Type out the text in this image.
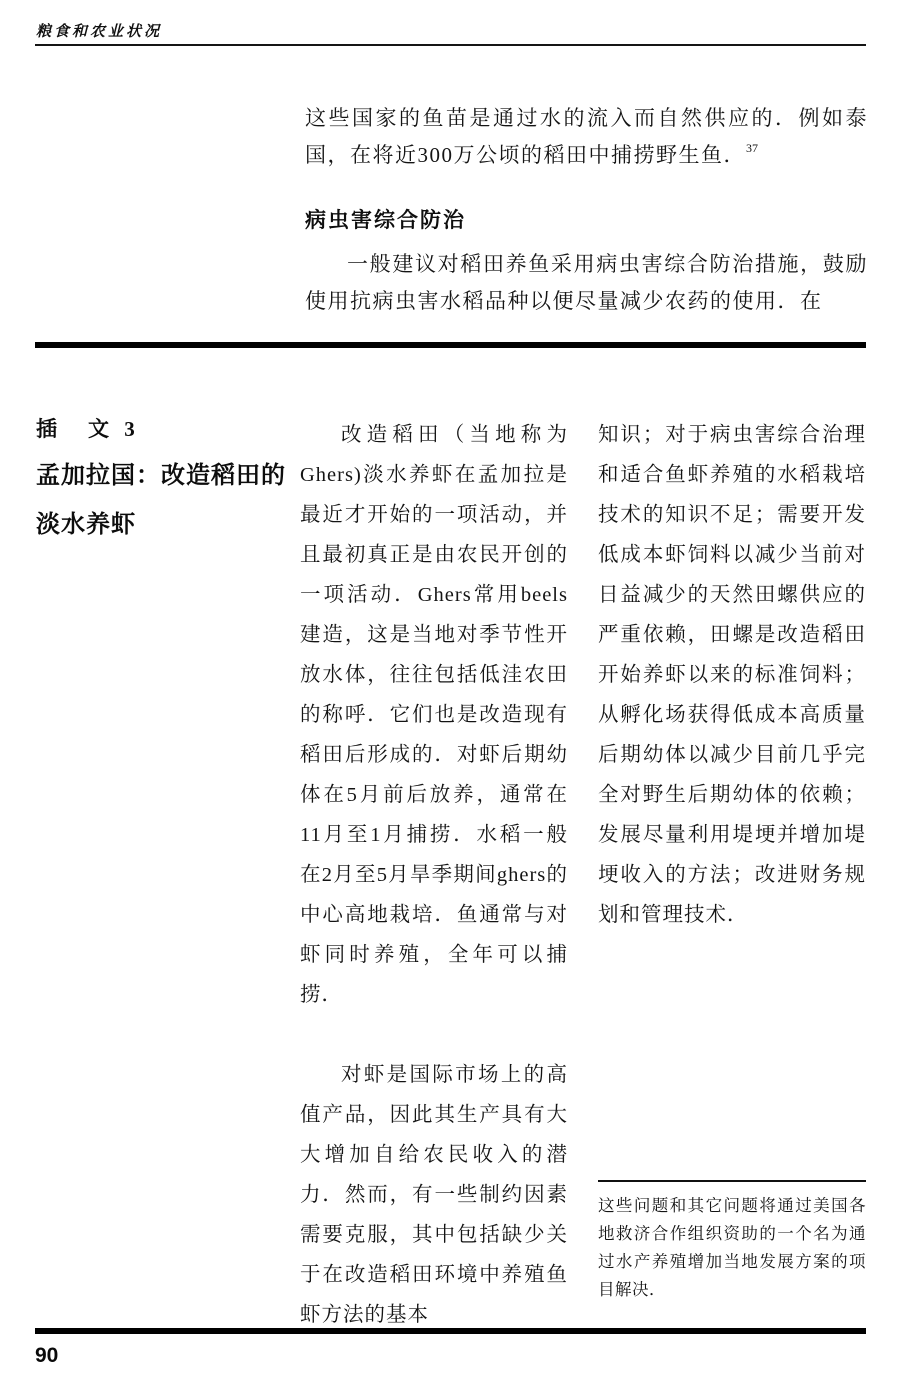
粮食和农业状况

这些国家的鱼苗是通过水的流入而自然供应的．例如泰国，在将近300万公顷的稻田中捕捞野生鱼．$^{37}$

病虫害综合防治

一般建议对稻田养鱼采用病虫害综合防治措施，鼓励使用抗病虫害水稻品种以便尽量减少农药的使用．在

插　文 3
孟加拉国：改造稻田的淡水养虾

改造稻田（当地称为Ghers)淡水养虾在孟加拉是最近才开始的一项活动，并且最初真正是由农民开创的一项活动．Ghers常用beels建造，这是当地对季节性开放水体，往往包括低洼农田的称呼．它们也是改造现有稻田后形成的．对虾后期幼体在5月前后放养，通常在11月至1月捕捞．水稻一般在2月至5月旱季期间ghers的中心高地栽培．鱼通常与对虾同时养殖，全年可以捕捞．

对虾是国际市场上的高值产品，因此其生产具有大大增加自给农民收入的潜力．然而，有一些制约因素需要克服，其中包括缺少关于在改造稻田环境中养殖鱼虾方法的基本

知识；对于病虫害综合治理和适合鱼虾养殖的水稻栽培技术的知识不足；需要开发低成本虾饲料以减少当前对日益减少的天然田螺供应的严重依赖，田螺是改造稻田开始养虾以来的标准饲料；从孵化场获得低成本高质量后期幼体以减少目前几乎完全对野生后期幼体的依赖；发展尽量利用堤埂并增加堤埂收入的方法；改进财务规划和管理技术．

这些问题和其它问题将通过美国各地救济合作组织资助的一个名为通过水产养殖增加当地发展方案的项目解决．

90
